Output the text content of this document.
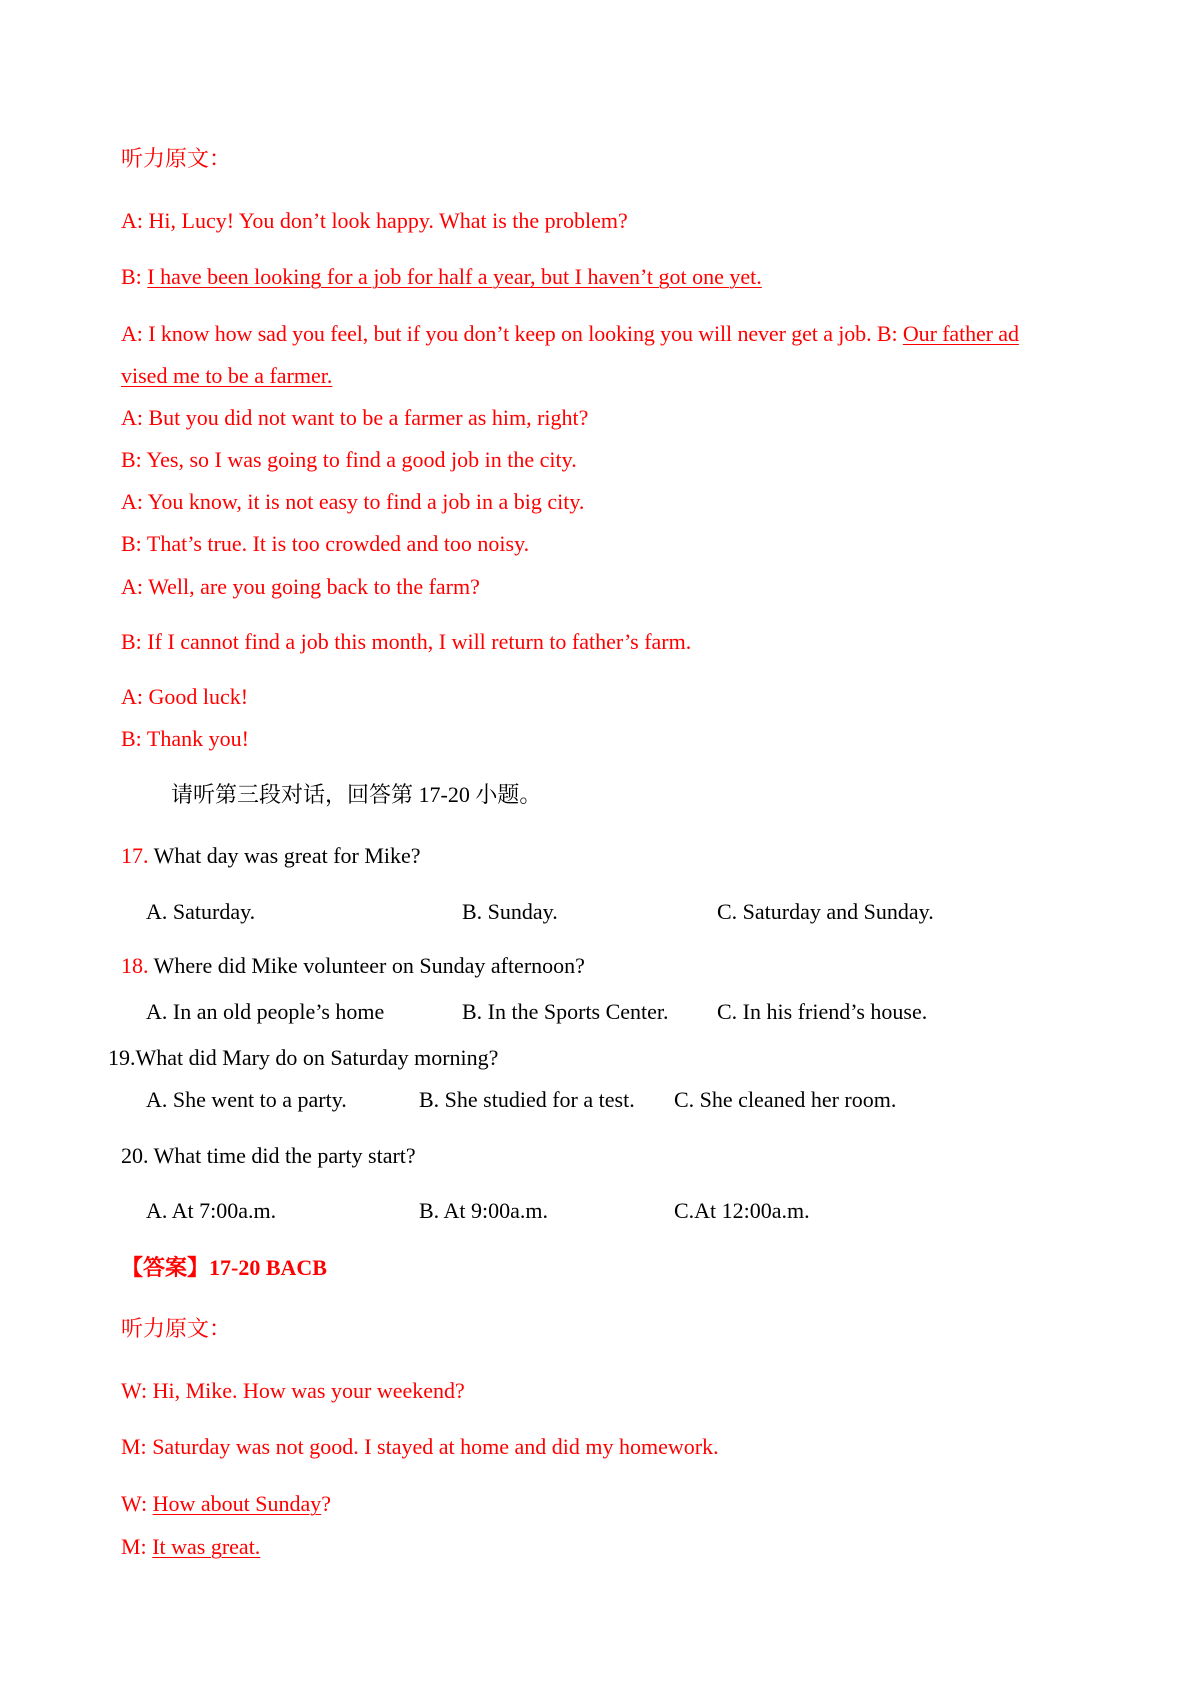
听力原文：
A: Hi, Lucy! You don’t look happy. What is the problem?
B: I have been looking for a job for half a year, but I haven’t got one yet.
A: I know how sad you feel, but if you don’t keep on looking you will never get a job. B: Our father ad
vised me to be a farmer.
A: But you did not want to be a farmer as him, right?
B: Yes, so I was going to find a good job in the city.
A: You know, it is not easy to find a job in a big city.
B: That’s true. It is too crowded and too noisy.
A: Well, are you going back to the farm?
B: If I cannot find a job this month, I will return to father’s farm.
A: Good luck!
B: Thank you!
请听第三段对话，回答第 17-20 小题。
17. What day was great for Mike?
A. Saturday.	B. Sunday.	C. Saturday and Sunday.
18. Where did Mike volunteer on Sunday afternoon?
A. In an old people’s home	B. In the Sports Center. C. In his friend’s house.
19.What did Mary do on Saturday morning?
A. She went to a party.	B. She studied for a test. C. She cleaned her room.
20. What time did the party start?
A. At 7:00a.m.	B. At 9:00a.m.	C.At 12:00a.m.
【答案】17-20 BACB
听力原文：
W: Hi, Mike. How was your weekend?
M: Saturday was not good. I stayed at home and did my homework.
W: How about Sunday?
M: It was great.
